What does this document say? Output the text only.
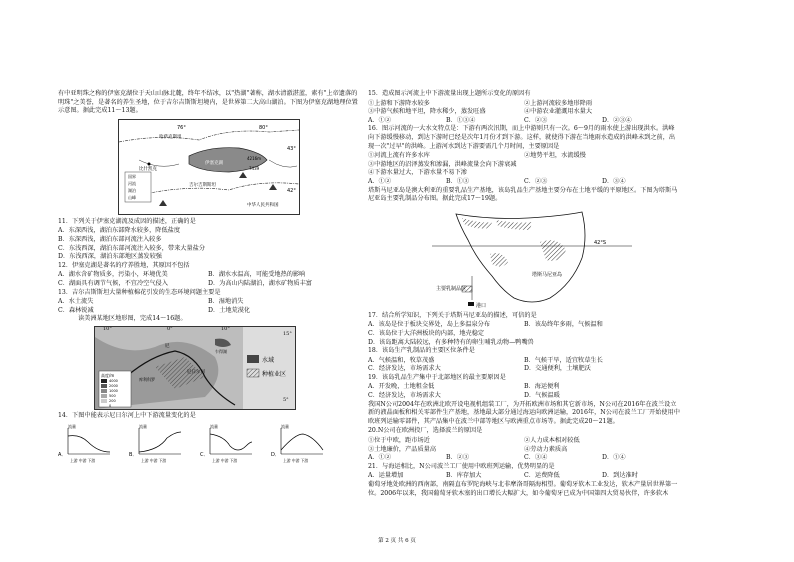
有中亚明珠之称的伊塞克湖位于天山山脉北麓，终年不结冰，以"热湖"著称，湖水清澈湛蓝，素有"上帝遗落的明珠"之美誉，是著名的养生圣地，位于吉尔吉斯斯坦境内，是世界第二大高山湖泊。下图为伊塞克湖地理位置示意图。据此完成11～13题。

76°	80°
43°
42°
哈萨克斯坦
比什凯克
伊塞克湖
吉尔吉斯斯坦
中华人民共和国
国界
河流
湖泊
山峰
7439
4216m

11．下列关于伊塞克湖流及成因的描述，正确的是

A．东深西浅，湖泊东部降水较多，降低盐度

B．东深西浅，湖泊东部河流注入较多

C．东浅西深，湖泊东部河流注入较多，带来大量盐分

D．东浅西深，湖泊东部地区蒸发较强

12．伊塞克湖是著名的疗养胜地，其原因不包括

A．湖水含矿物质多，污染小，环境优美	B．湖水水温高，可能受地热的影响

C．湖面具有调节气候，不宜冷空气侵入	D．为高山内陆湖泊，湖水矿物质丰富

13．吉尔吉斯斯坦大量种植棉花引发的生态环境问题主要是

A．水土流失	B．湿地消失

C．森林锐减	D．土地荒漠化

读美洲某地区地形图，完成14～16题。

高度/m
4000
2000
1000
500
200
0
尼
尼日尔河
乍得湖
库利科罗
水域
种植业区
10°	0°	10°
15°
5°

14．下图中能表示尼日尔河上中下游流量变化的是

A．
流量
上游 中游 下游

B．
流量
上游 中游 下游

C．
流量
上游 中游 下游

D．
流量
上游 中游 下游

15．造成图示河流上中下游流量出现上题所示变化的原因有

①上游和下游降水较多	②上游河流较多地形降雨

③中游气候和地平坦，降水稀少，蒸发旺盛	④中游农业灌溉用水量大

A．①②	B．①③④	C．②③	D．②③④

16．图示河流的一大水文特点是：下游有两次汛期，而上中游则只有一次。6～9月的雨水使上游出现洪水。洪峰向下游缓慢移动，到达下游时已经是次年1月份才到下游。这样，就使得下游在当地雨水造成的洪峰未到之前，出现一次"过早"的洪峰。上游河水到达下游要需几个月时间，主要原因是

①河流上流有许多水库	②地势平坦，水流缓慢

③中游地区的沼泽蒸发和渗漏，洪峰流量会向下游衰减

④下游水量过大，下游水量不易下渗

A．①②	B．①③	C．②③	D．③④

塔斯马尼亚岛是澳大利亚的重要乳品生产基地，该岛乳品生产基地主要分布在土地平缓的平原地区。下图为塔斯马尼亚岛主要乳制品分布图。据此完成17～19题。

42°S
塔斯马尼亚岛
主要乳制品区
港口

17．结合所学知识，下列关于塔斯马尼亚岛的描述，可信的是

A．该岛是位于板块交界处，岛上多温泉分布	B．该岛终年多雨，气候温和

C．该岛位于大洋洲板块的内部，地壳稳定

D．该岛距离大陆较远，有多种特有的卵生哺乳动物—鸭嘴兽

18．该岛生产乳制品的主要区位条件是

A．气候温和，牧草茂盛	B．气候干旱，适宜牧草生长

C．经济发达，市场需求大	D．交通便利，土壤肥沃

19．该岛乳品生产集中于北部地区的最主要原因是

A．开发晚，土地租金低	B．海运便利

C．经济发达，市场需求大	D．气候温暖

我国N公司2004年在欧洲北欧开设电视机组装工厂，为开拓欧洲市场和其它新市场，N公司在2016年在波兰设立新的液晶面板和相关零部件生产基地，基地最大部分通过海运向欧洲运输，2016年，N公司在波兰工厂开始使用中欧班列运输零部件，其产品集中在波兰中部等地区与欧洲重点市场等。据此完成20～21题。

20.N公司在欧洲投厂，选择波兰的原因是

①位于中欧，距市场近	②人力成本相对较低

③土地廉价，产品质量高	④劳动力素质高

A．①②	B．②③	C．③④	D．①④

21．与海运相比，N公司波兰工厂使用中欧班列运输，优势明显的是

A．运量增加	B．库存加大	C．运费降低	D．到达准时

葡萄牙地处欧洲的西南部，南隔直布罗陀海峡与北非摩洛哥隔海相望。葡萄牙软木工业发达，软木产量居世界第一位。2006年以来，我国葡萄牙软木塞的出口增长大幅扩大，如今葡萄牙已成为中国第四大贸易伙伴，许多软木

第 2 页 共 6 页
